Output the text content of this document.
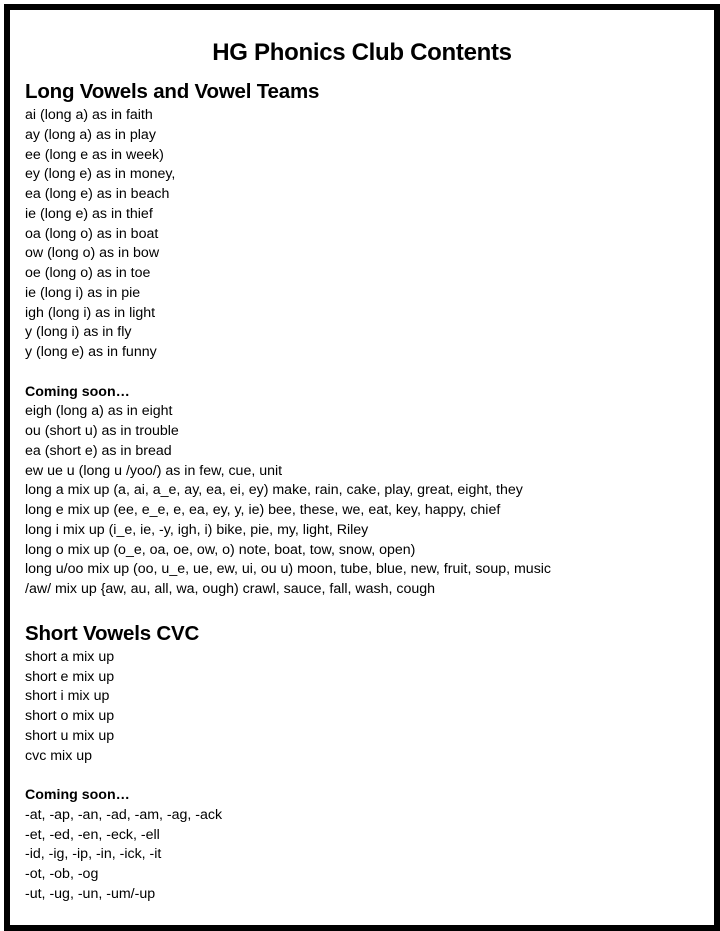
HG Phonics Club Contents
Long Vowels and Vowel Teams
ai (long a) as in faith
ay (long a) as in play
ee (long e as in week)
ey (long e) as in money,
ea (long e) as in beach
ie (long e) as in thief
oa (long o) as in boat
ow (long o) as in bow
oe (long o) as in toe
ie (long i) as in pie
igh (long i) as in light
y (long i) as in fly
y (long e) as in funny
Coming soon…
eigh (long a) as in eight
ou (short u) as in trouble
ea (short e) as in bread
ew ue u (long u /yoo/) as in few, cue, unit
long a mix up (a, ai, a_e, ay, ea, ei, ey) make, rain, cake, play, great, eight, they
long e mix up (ee, e_e, e, ea, ey, y, ie) bee, these, we, eat, key, happy, chief
long i mix up (i_e, ie, -y, igh, i) bike, pie, my, light, Riley
long o mix up (o_e, oa, oe, ow, o) note, boat, tow, snow, open)
long u/oo mix up (oo, u_e, ue, ew, ui, ou u) moon, tube, blue, new, fruit, soup, music
/aw/ mix up {aw, au, all, wa, ough) crawl, sauce, fall, wash, cough
Short Vowels CVC
short a mix up
short e mix up
short i mix up
short o mix up
short u mix up
cvc mix up
Coming soon…
-at, -ap, -an, -ad, -am, -ag, -ack
-et, -ed, -en, -eck, -ell
-id, -ig, -ip, -in, -ick, -it
-ot, -ob, -og
-ut, -ug, -un, -um/-up
